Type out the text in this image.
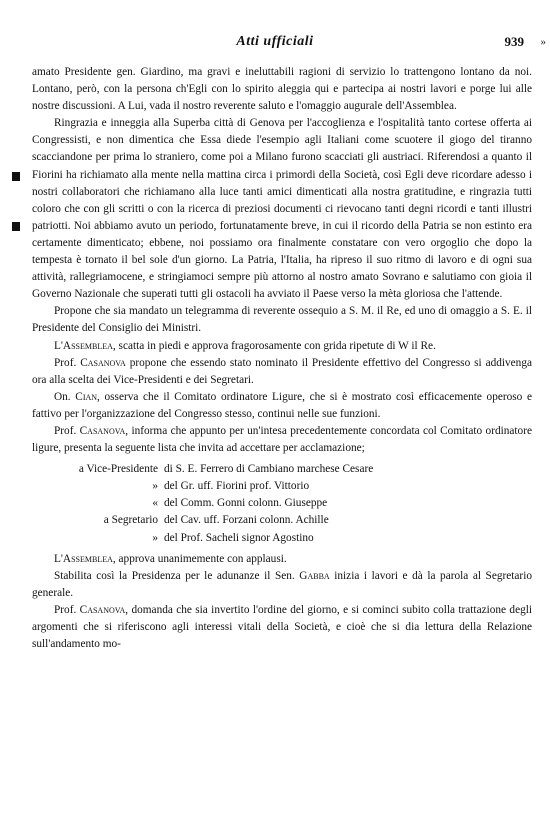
Atti ufficiali	939 »

amato Presidente gen. Giardino, ma gravi e ineluttabili ragioni di servizio lo trattengono lontano da noi. Lontano, però, con la persona ch'Egli con lo spirito aleggia qui e partecipa ai nostri lavori e porge lui alle nostre discussioni. A Lui, vada il nostro reverente saluto e l'omaggio augurale dell'Assemblea.

Ringrazia e inneggia alla Superba città di Genova per l'accoglienza e l'ospitalità tanto cortese offerta ai Congressisti, e non dimentica che Essa diede l'esempio agli Italiani come scuotere il giogo del tiranno scacciandone per prima lo straniero, come poi a Milano furono scacciati gli austriaci. Riferendosi a quanto il Fiorini ha richiamato alla mente nella mattina circa i primordi della Società, così Egli deve ricordare adesso i nostri collaboratori che richiamano alla luce tanti amici dimenticati alla nostra gratitudine, e ringrazia tutti coloro che con gli scritti o con la ricerca di preziosi documenti ci rievocano tanti degni ricordi e tanti illustri patriotti. Noi abbiamo avuto un periodo, fortunatamente breve, in cui il ricordo della Patria se non estinto era certamente dimenticato; ebbene, noi possiamo ora finalmente constatare con vero orgoglio che dopo la tempesta è tornato il bel sole d'un giorno. La Patria, l'Italia, ha ripreso il suo ritmo di lavoro e di ogni sua attività, rallegriamocene, e stringiamoci sempre più attorno al nostro amato Sovrano e salutiamo con gioia il Governo Nazionale che superati tutti gli ostacoli ha avviato il Paese verso la mèta gloriosa che l'attende.

Propone che sia mandato un telegramma di reverente ossequio a S. M. il Re, ed uno di omaggio a S. E. il Presidente del Consiglio dei Ministri.

L'Assemblea, scatta in piedi e approva fragorosamente con grida ripetute di W il Re.

Prof. Casanova propone che essendo stato nominato il Presidente effettivo del Congresso si addivenga ora alla scelta dei Vice-Presidenti e dei Segretari.

On. Cian, osserva che il Comitato ordinatore Ligure, che si è mostrato così efficacemente operoso e fattivo per l'organizzazione del Congresso stesso, continui nelle sue funzioni.

Prof. Casanova, informa che appunto per un'intesa precedentemente concordata col Comitato ordinatore ligure, presenta la seguente lista che invita ad accettare per acclamazione;

a Vice-Presidente di S. E. Ferrero di Cambiano marchese Cesare
» del Gr. uff. Fiorini prof. Vittorio
« del Comm. Gonni colonn. Giuseppe
a Segretario del Cav. uff. Forzani colonn. Achille
» del Prof. Sacheli signor Agostino

L'Assemblea, approva unanimemente con applausi.

Stabilita così la Presidenza per le adunanze il Sen. Gabba inizia i lavori e dà la parola al Segretario generale.

Prof. Casanova, domanda che sia invertito l'ordine del giorno, e si cominci subito colla trattazione degli argomenti che si riferiscono agli interessi vitali della Società, e cioè che si dia lettura della Relazione sull'andamento mo-
